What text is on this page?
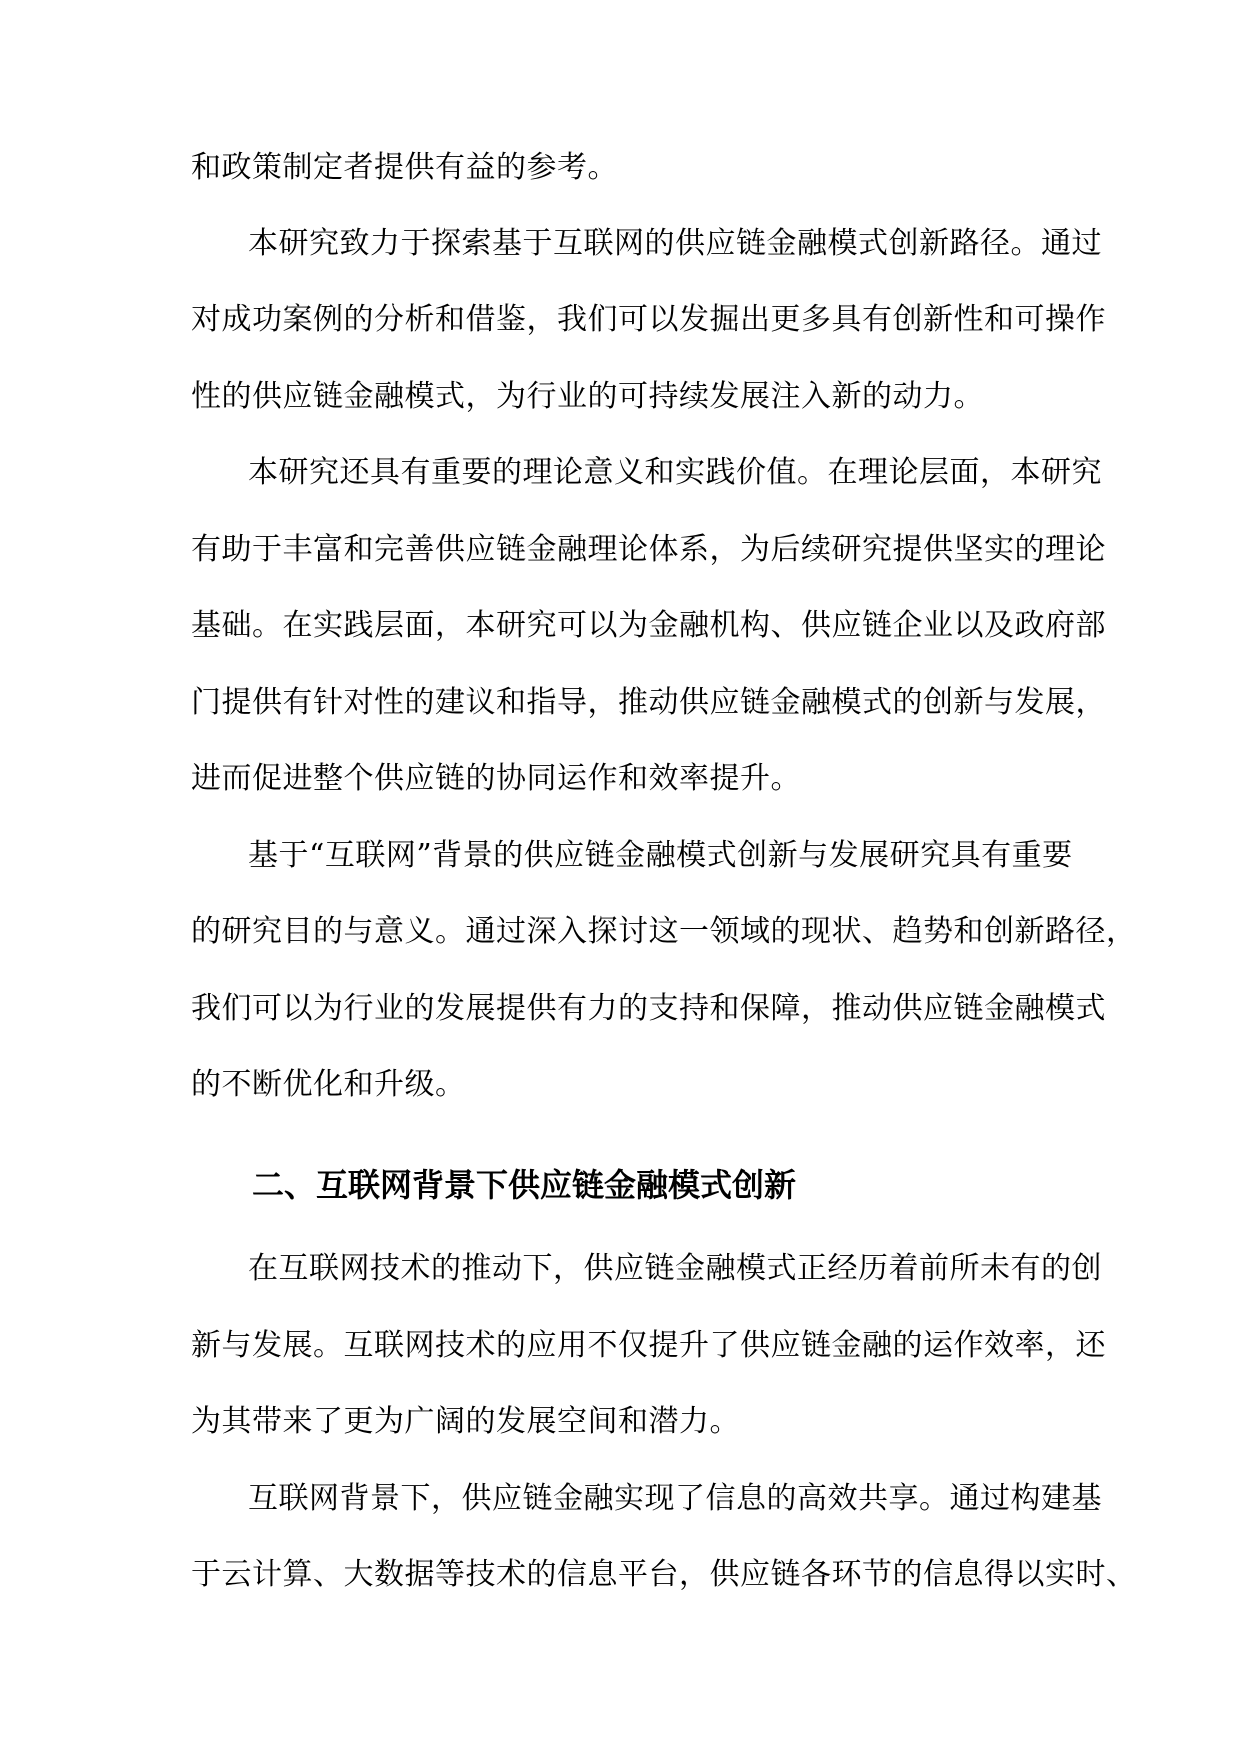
和政策制定者提供有益的参考。
本研究致力于探索基于互联网的供应链金融模式创新路径。通过
对成功案例的分析和借鉴，我们可以发掘出更多具有创新性和可操作
性的供应链金融模式，为行业的可持续发展注入新的动力。
本研究还具有重要的理论意义和实践价值。在理论层面，本研究
有助于丰富和完善供应链金融理论体系，为后续研究提供坚实的理论
基础。在实践层面，本研究可以为金融机构、供应链企业以及政府部
门提供有针对性的建议和指导，推动供应链金融模式的创新与发展，
进而促进整个供应链的协同运作和效率提升。
基于“互联网”背景的供应链金融模式创新与发展研究具有重要
的研究目的与意义。通过深入探讨这一领域的现状、趋势和创新路径，
我们可以为行业的发展提供有力的支持和保障，推动供应链金融模式
的不断优化和升级。
二、互联网背景下供应链金融模式创新
在互联网技术的推动下，供应链金融模式正经历着前所未有的创
新与发展。互联网技术的应用不仅提升了供应链金融的运作效率，还
为其带来了更为广阔的发展空间和潜力。
互联网背景下，供应链金融实现了信息的高效共享。通过构建基
于云计算、大数据等技术的信息平台，供应链各环节的信息得以实时、
